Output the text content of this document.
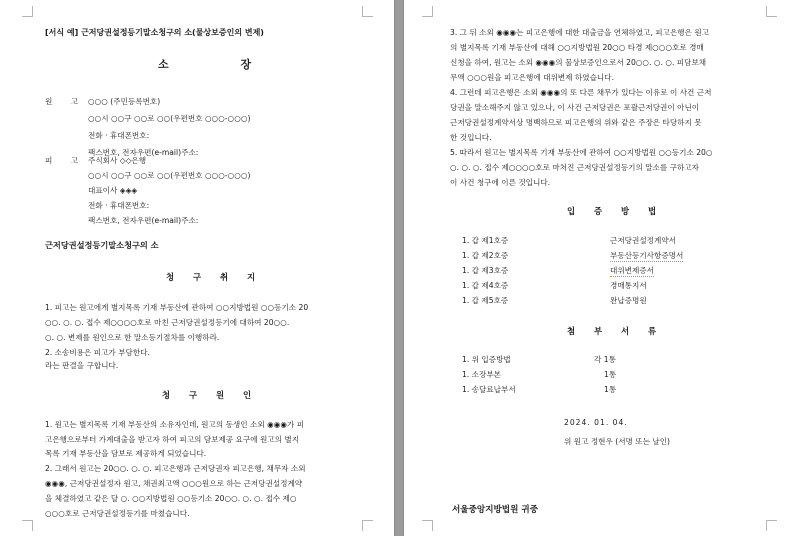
[서식 예] 근저당권설정등기말소청구의 소(물상보증인의 변제)
소 장
원 고 ○○○ (주민등록번호)
○○시 ○○구 ○○로 ○○(우편번호 ○○○-○○○)
전화 · 휴대폰번호:
팩스번호, 전자우편(e-mail)주소:
피 고 주식회사 ◇◇은행
○○시 ○○구 ○○로 ○○(우편번호 ○○○-○○○)
대표이사 ◈◈◈
전화 · 휴대폰번호:
팩스번호, 전자우편(e-mail)주소:
근저당권설정등기말소청구의 소
청 구 취 지
1. 피고는 원고에게 별지목록 기재 부동산에 관하여 ○○지방법원 ○○등기소 20
○○. ○. ○. 접수 제○○○○호로 마친 근저당권설정등기에 대하여 20○○.
○. ○. 변제를 원인으로 한 말소등기절차를 이행하라.
2. 소송비용은 피고가 부담한다.
라는 판결을 구합니다.
청 구 원 인
1. 원고는 별지목록 기재 부동산의 소유자인데, 원고의 동생인 소외 ◉◉◉가 피
고은행으로부터 가계대출을 받고자 하여 피고의 담보제공 요구에 원고의 별지
목록 기재 부동산을 담보로 제공하게 되었습니다.
2. 그래서 원고는 20○○. ○. ○. 피고은행과 근저당권자 피고은행, 채무자 소외
◉◉◉, 근저당권설정자 원고, 채권최고액 ○○○원으로 하는 근저당권설정계약
을 체결하였고 같은 달 ○. ○○지방법원 ○○등기소 20○○. ○. ○. 접수 제○
○○○호로 근저당권설정등기를 마쳤습니다.
3. 그 뒤 소외 ◉◉◉는 피고은행에 대한 대출금을 연체하였고, 피고은행은 원고
의 별지목록 기재 부동산에 대해 ○○지방법원 20○○ 타경 제○○○호로 경매
신청을 하여, 원고는 소외 ◉◉◉의 물상보증인으로서 20○○. ○. ○. 피담보채
무액 ○○○원을 피고은행에 대위변제 하였습니다.
4. 그런데 피고은행은 소외 ◉◉◉의 또 다른 채무가 있다는 이유로 이 사건 근저
당권을 말소해주지 않고 있으나, 이 사건 근저당권은 포괄근저당권이 아닌이
근저당권설정계약서상 명백하므로 피고은행의 위와 같은 주장은 타당하지 못
한 것입니다.
5. 따라서 원고는 별지목록 기재 부동산에 관하여 ○○지방법원 ○○등기소 20○
○. ○. ○. 접수 제○○○○호로 마쳐진 근저당권설정등기의 말소를 구하고자
이 사건 청구에 이른 것입니다.
입 증 방 법
1. 갑 제1호증	근저당권설정계약서
1. 갑 제2호증	부동산등기사항증명서
1. 갑 제3호증	대위변제증서
1. 갑 제4호증	경매통지서
1. 갑 제5호증	완납증명원
첨 부 서 류
1. 위 입증방법	각 1통
1. 소장부본	1통
1. 송달료납부서	1통
2024. 01. 04.
위 원고 정현우 (서명 또는 날인)
서울중앙지방법원 귀중
